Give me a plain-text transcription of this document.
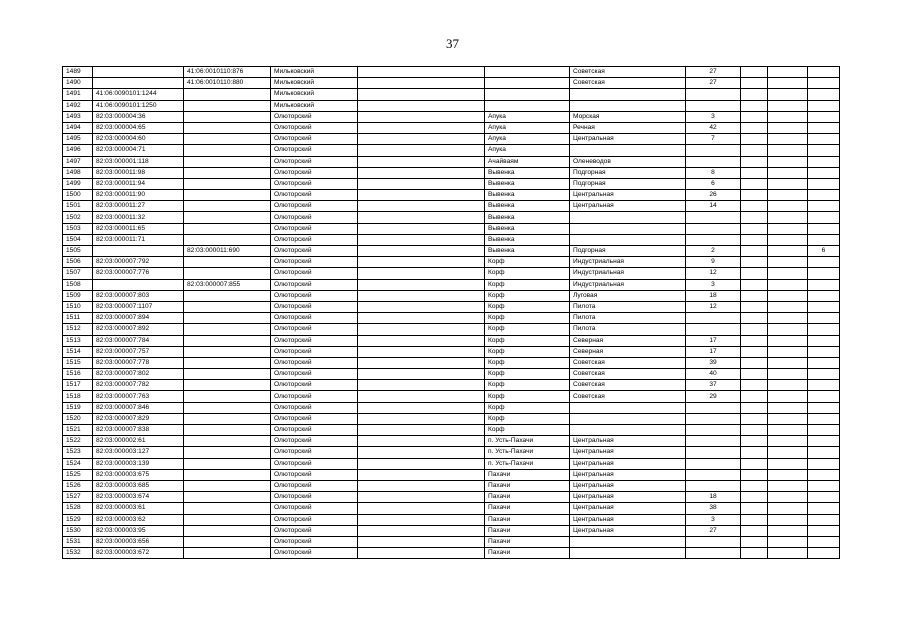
37
1489		41:06:0010110:876	Мильковский			Советская	27			
1490		41:06:0010110:880	Мильковский			Советская	27			
1491	41:06:0090101:1244		Мильковский							
1492	41:06:0090101:1250		Мильковский							
1493	82:03:000004:36		Олюторский		Апука	Морская	3			
1494	82:03:000004:65		Олюторский		Апука	Речная	42			
1495	82:03:000004:60		Олюторский		Апука	Центральная	7			
1496	82:03:000004:71		Олюторский		Апука					
1497	82:03:000001:118		Олюторский		Ачайваям	Оленеводов				
1498	82:03:000011:98		Олюторский		Вывенка	Подгорная	8			
1499	82:03:000011:94		Олюторский		Вывенка	Подгорная	6			
1500	82:03:000011:90		Олюторский		Вывенка	Центральная	26			
1501	82:03:000011:27		Олюторский		Вывенка	Центральная	14			
1502	82:03:000011:32		Олюторский		Вывенка					
1503	82:03:000011:65		Олюторский		Вывенка					
1504	82:03:000011:71		Олюторский		Вывенка					
1505		82:03:000011:690	Олюторский		Вывенка	Подгорная	2			6
1506	82:03:000007:792		Олюторский		Корф	Индустриальная	9			
1507	82:03:000007:776		Олюторский		Корф	Индустриальная	12			
1508		82:03:000007:855	Олюторский		Корф	Индустриальная	3			
1509	82:03:000007:803		Олюторский		Корф	Луговая	18			
1510	82:03:000007:1107		Олюторский		Корф	Пилота	12			
1511	82:03:000007:894		Олюторский		Корф	Пилота				
1512	82:03:000007:892		Олюторский		Корф	Пилота				
1513	82:03:000007:784		Олюторский		Корф	Северная	17			
1514	82:03:000007:757		Олюторский		Корф	Северная	17			
1515	82:03:000007:778		Олюторский		Корф	Советская	39			
1516	82:03:000007:802		Олюторский		Корф	Советская	40			
1517	82:03:000007:782		Олюторский		Корф	Советская	37			
1518	82:03:000007:763		Олюторский		Корф	Советская	29			
1519	82:03:000007:846		Олюторский		Корф					
1520	82:03:000007:829		Олюторский		Корф					
1521	82:03:000007:838		Олюторский		Корф					
1522	82:03:000002:61		Олюторский		п. Усть-Пахачи	Центральная				
1523	82:03:000003:127		Олюторский		п. Усть-Пахачи	Центральная				
1524	82:03:000003:139		Олюторский		п. Усть-Пахачи	Центральная				
1525	82:03:000003:675		Олюторский		Пахачи	Центральная				
1526	82:03:000003:685		Олюторский		Пахачи	Центральная				
1527	82:03:000003:674		Олюторский		Пахачи	Центральная	18			
1528	82:03:000003:61		Олюторский		Пахачи	Центральная	38			
1529	82:03:000003:62		Олюторский		Пахачи	Центральная	3			
1530	82:03:000003:95		Олюторский		Пахачи	Центральная	27			
1531	82:03:000003:656		Олюторский		Пахачи					
1532	82:03:000003:672		Олюторский		Пахачи					
